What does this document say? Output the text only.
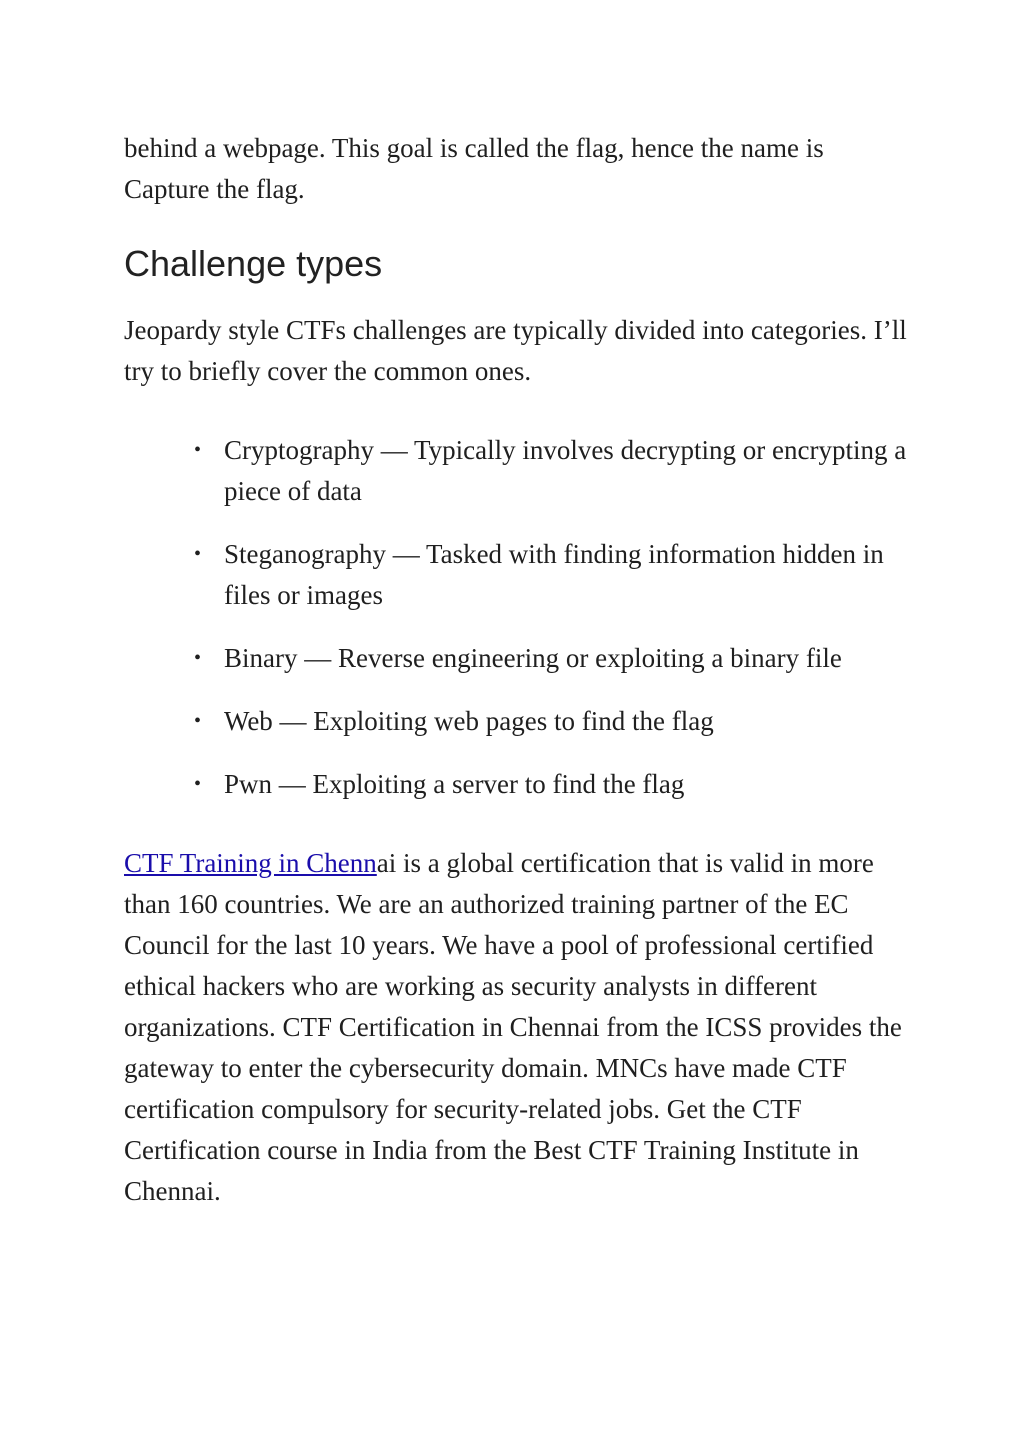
behind a webpage. This goal is called the flag, hence the name is Capture the flag.

Challenge types

Jeopardy style CTFs challenges are typically divided into categories. I’ll try to briefly cover the common ones.

• Cryptography — Typically involves decrypting or encrypting a piece of data
• Steganography — Tasked with finding information hidden in files or images
• Binary — Reverse engineering or exploiting a binary file
• Web — Exploiting web pages to find the flag
• Pwn — Exploiting a server to find the flag

CTF Training in Chennai is a global certification that is valid in more than 160 countries. We are an authorized training partner of the EC Council for the last 10 years. We have a pool of professional certified ethical hackers who are working as security analysts in different organizations. CTF Certification in Chennai from the ICSS provides the gateway to enter the cybersecurity domain. MNCs have made CTF certification compulsory for security-related jobs. Get the CTF Certification course in India from the Best CTF Training Institute in Chennai.
